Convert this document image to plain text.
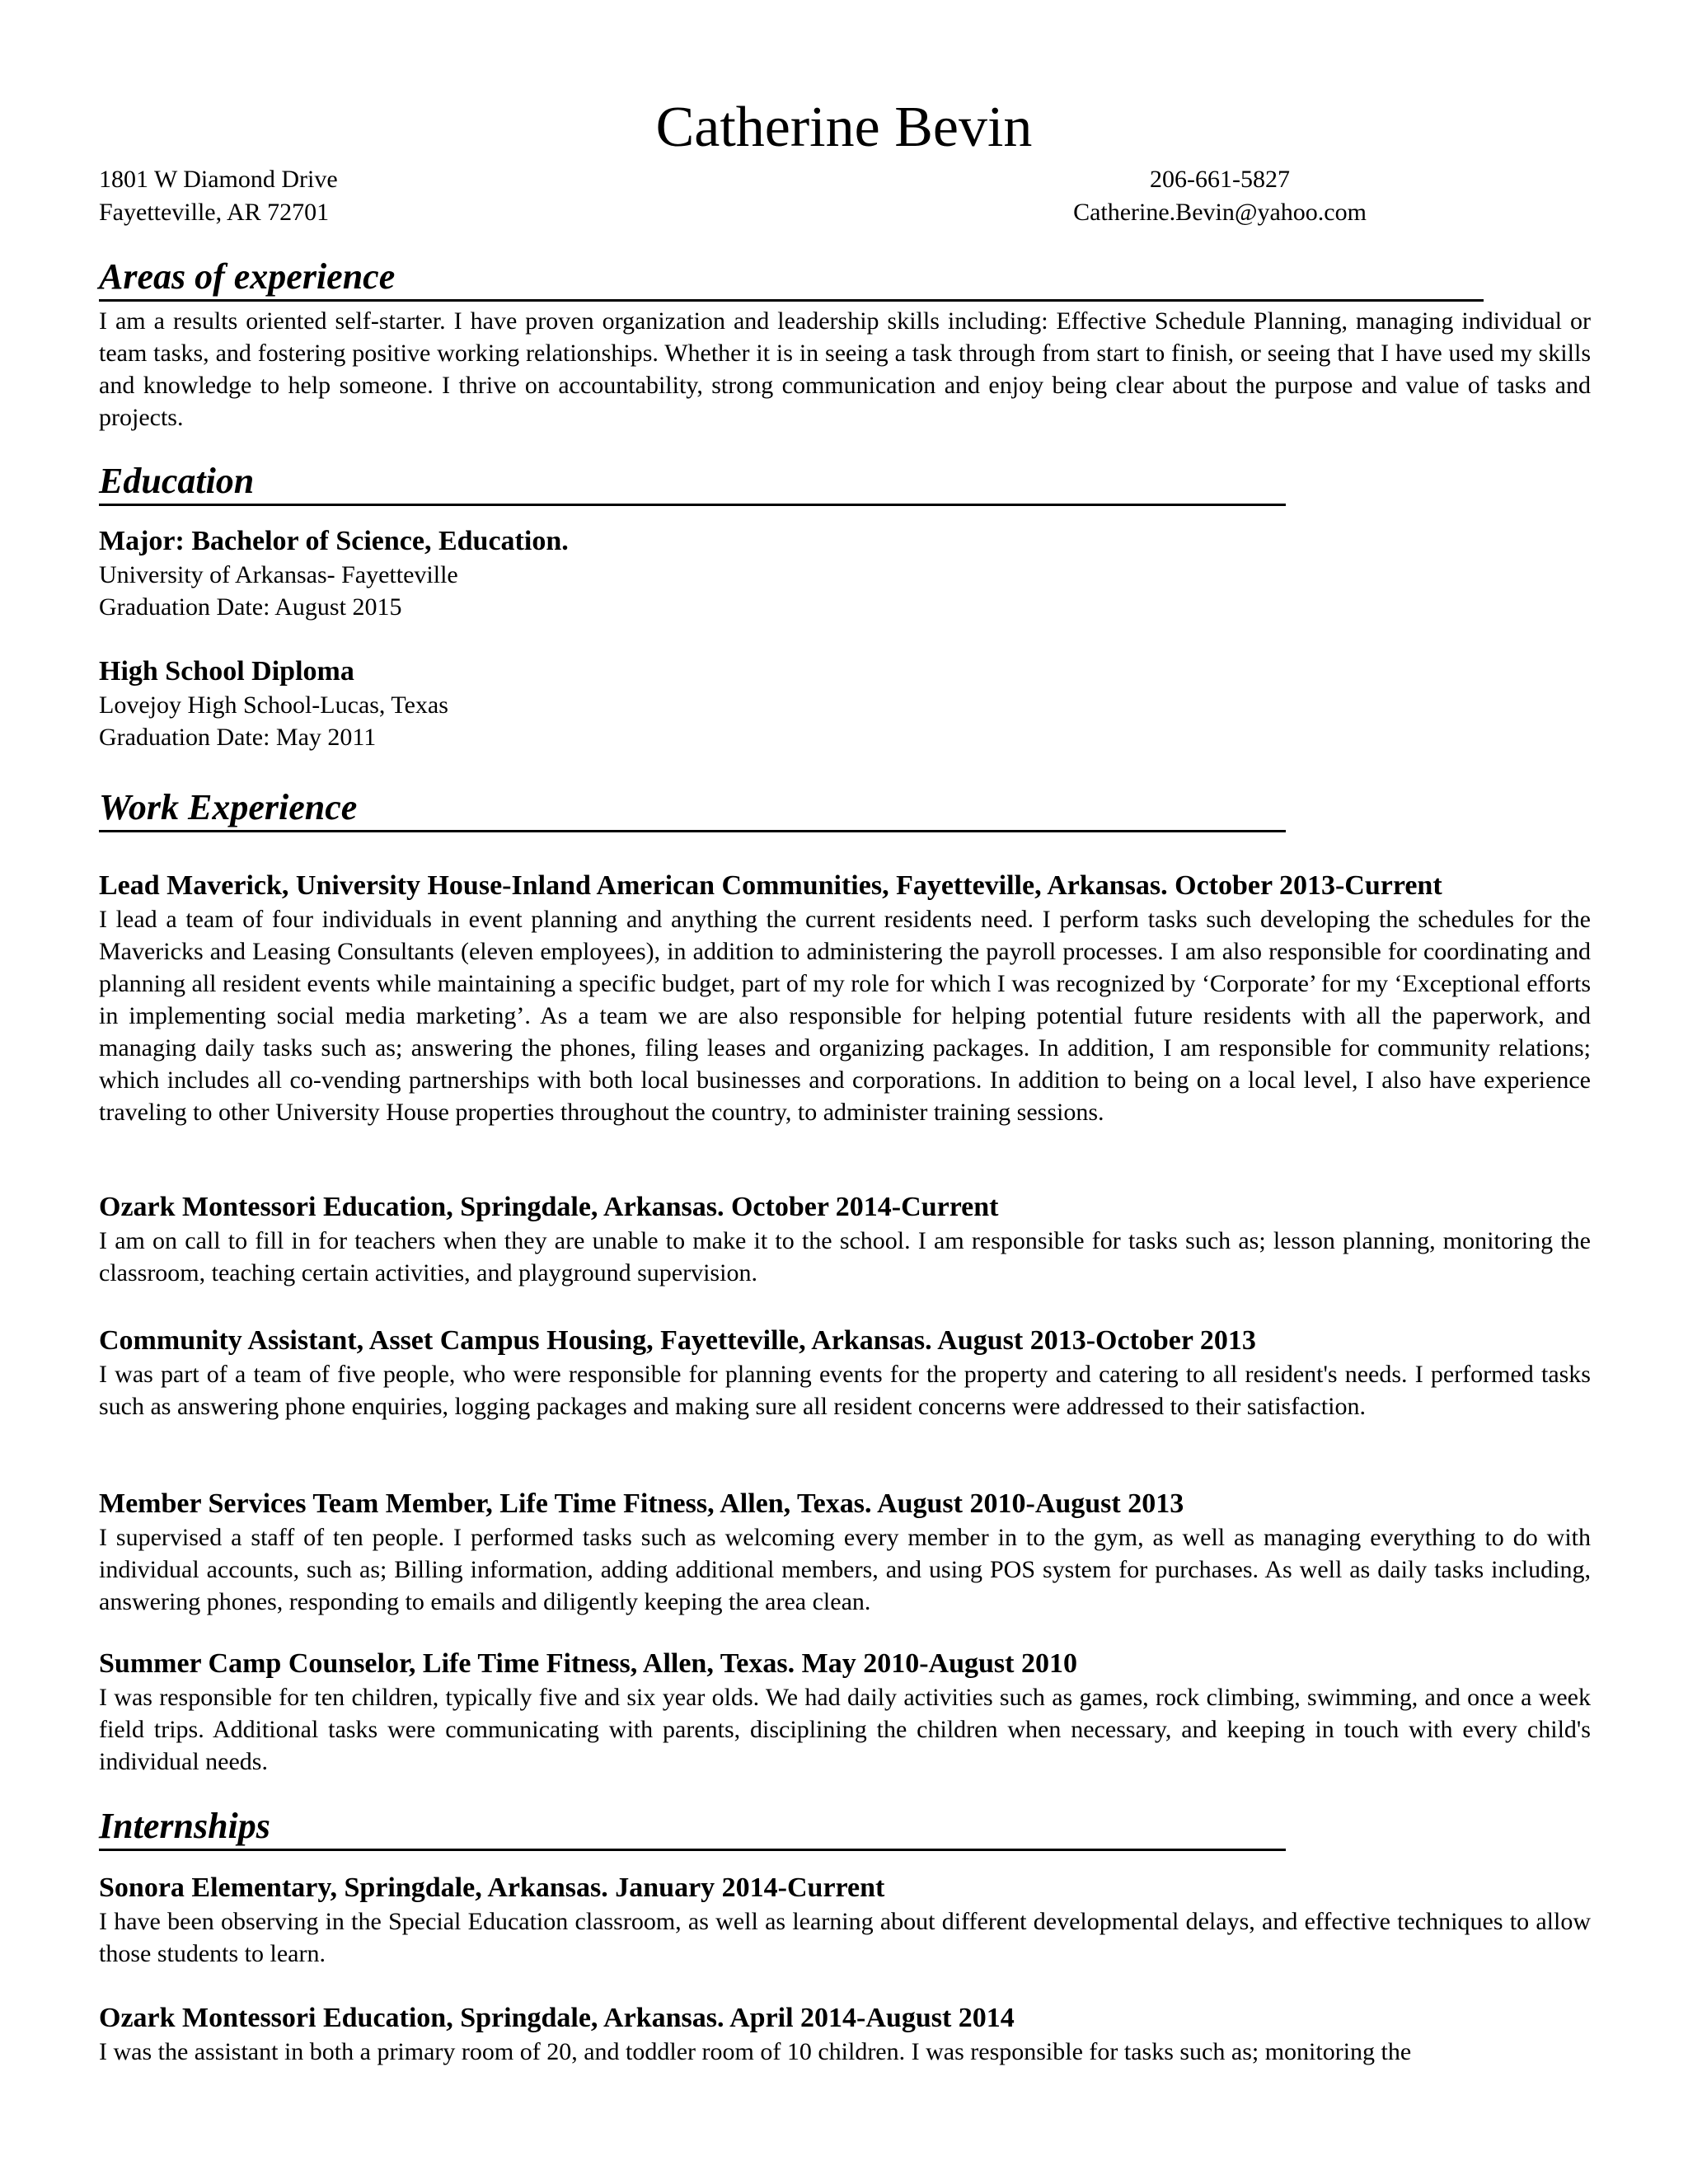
Catherine Bevin
1801 W Diamond Drive
Fayetteville, AR 72701
206-661-5827
Catherine.Bevin@yahoo.com
Areas of experience
I am a results oriented self-starter. I have proven organization and leadership skills including: Effective Schedule Planning, managing individual or team tasks, and fostering positive working relationships. Whether it is in seeing a task through from start to finish, or seeing that I have used my skills and knowledge to help someone. I thrive on accountability, strong communication and enjoy being clear about the purpose and value of tasks and projects.
Education
Major: Bachelor of Science, Education.
University of Arkansas- Fayetteville
Graduation Date: August 2015
High School Diploma
Lovejoy High School-Lucas, Texas
Graduation Date: May 2011
Work Experience
Lead Maverick, University House-Inland American Communities, Fayetteville, Arkansas. October 2013-Current
I lead a team of four individuals in event planning and anything the current residents need. I perform tasks such developing the schedules for the Mavericks and Leasing Consultants (eleven employees), in addition to administering the payroll processes. I am also responsible for coordinating and planning all resident events while maintaining a specific budget, part of my role for which I was recognized by ‘Corporate’ for my ‘Exceptional efforts in implementing social media marketing’. As a team we are also responsible for helping potential future residents with all the paperwork, and managing daily tasks such as; answering the phones, filing leases and organizing packages. In addition, I am responsible for community relations; which includes all co-vending partnerships with both local businesses and corporations. In addition to being on a local level, I also have experience traveling to other University House properties throughout the country, to administer training sessions.
Ozark Montessori Education, Springdale, Arkansas. October 2014-Current
I am on call to fill in for teachers when they are unable to make it to the school. I am responsible for tasks such as; lesson planning, monitoring the classroom, teaching certain activities, and playground supervision.
Community Assistant, Asset Campus Housing, Fayetteville, Arkansas. August 2013-October 2013
I was part of a team of five people, who were responsible for planning events for the property and catering to all resident's needs. I performed tasks such as answering phone enquiries, logging packages and making sure all resident concerns were addressed to their satisfaction.
Member Services Team Member, Life Time Fitness, Allen, Texas. August 2010-August 2013
I supervised a staff of ten people. I performed tasks such as welcoming every member in to the gym, as well as managing everything to do with individual accounts, such as; Billing information, adding additional members, and using POS system for purchases. As well as daily tasks including, answering phones, responding to emails and diligently keeping the area clean.
Summer Camp Counselor, Life Time Fitness, Allen, Texas. May 2010-August 2010
I was responsible for ten children, typically five and six year olds. We had daily activities such as games, rock climbing, swimming, and once a week field trips. Additional tasks were communicating with parents, disciplining the children when necessary, and keeping in touch with every child's individual needs.
Internships
Sonora Elementary, Springdale, Arkansas. January 2014-Current
I have been observing in the Special Education classroom, as well as learning about different developmental delays, and effective techniques to allow those students to learn.
Ozark Montessori Education, Springdale, Arkansas. April 2014-August 2014
I was the assistant in both a primary room of 20, and toddler room of 10 children. I was responsible for tasks such as; monitoring the
